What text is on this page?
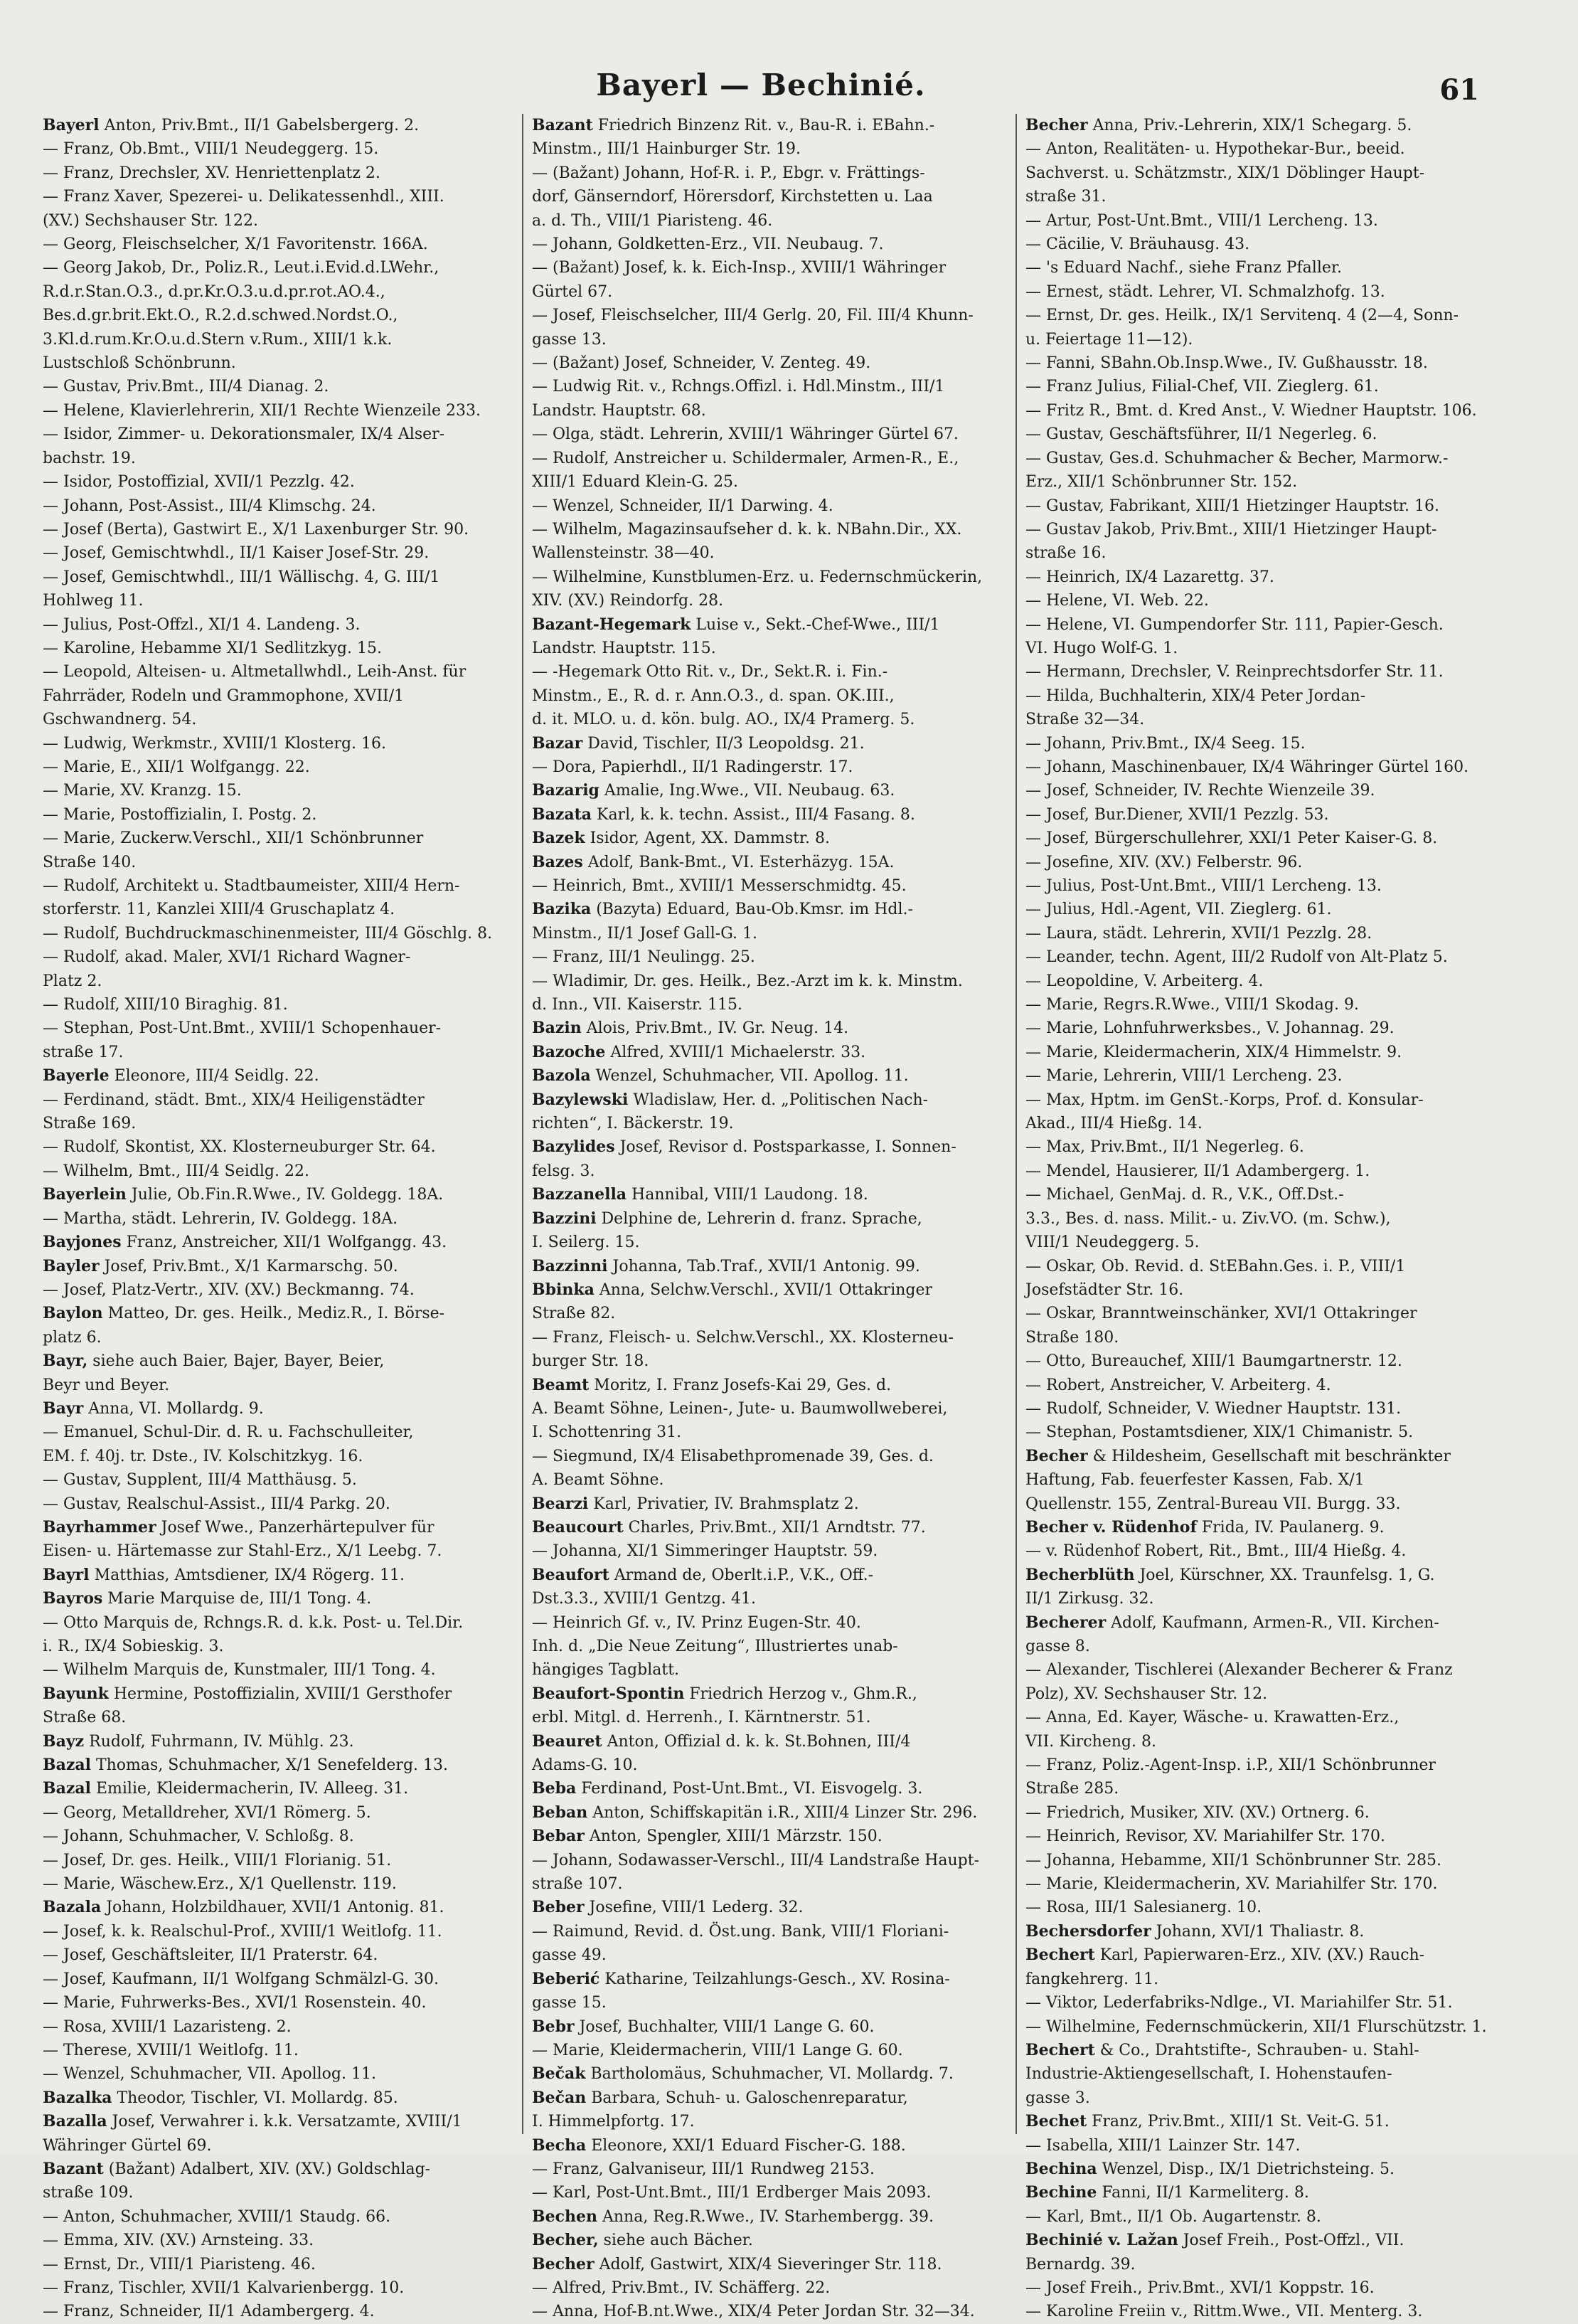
Bayerl — Bechinié.	61
Bayerl Anton, Priv.Bmt., II/1 Gabelsbergerg. 2.
— Franz, Ob.Bmt., VIII/1 Neudeggerg. 15.
— Franz, Drechsler, XV. Henriettenplatz 2.
— Franz Xaver, Spezerei- u. Delikatessenhdl., XIII.
(XV.) Sechshauser Str. 122.
— Georg, Fleischselcher, X/1 Favoritenstr. 166A.
— Georg Jakob, Dr., Poliz.R., Leut.i.Evid.d.LWehr.,
R.d.r.Stan.O.3., d.pr.Kr.O.3.u.d.pr.rot.AO.4.,
Bes.d.gr.brit.Ekt.O., R.2.d.schwed.Nordst.O.,
3.Kl.d.rum.Kr.O.u.d.Stern v.Rum., XIII/1 k.k.
Lustschloß Schönbrunn.
— Gustav, Priv.Bmt., III/4 Dianag. 2.
— Helene, Klavierlehrerin, XII/1 Rechte Wienzeile 233.
— Isidor, Zimmer- u. Dekorationsmaler, IX/4 Alser-
bachstr. 19.
— Isidor, Postoffizial, XVII/1 Pezzlg. 42.
— Johann, Post-Assist., III/4 Klimschg. 24.
— Josef (Berta), Gastwirt E., X/1 Laxenburger Str. 90.
— Josef, Gemischtwhdl., II/1 Kaiser Josef-Str. 29.
— Josef, Gemischtwhdl., III/1 Wällischg. 4, G. III/1
Hohlweg 11.
— Julius, Post-Offzl., XI/1 4. Landeng. 3.
— Karoline, Hebamme XI/1 Sedlitzkyg. 15.
— Leopold, Alteisen- u. Altmetallwhdl., Leih-Anst. für
Fahrräder, Rodeln und Grammophone, XVII/1
Gschwandnerg. 54.
— Ludwig, Werkmstr., XVIII/1 Klosterg. 16.
— Marie, E., XII/1 Wolfgangg. 22.
— Marie, XV. Kranzg. 15.
— Marie, Postoffizialin, I. Postg. 2.
— Marie, Zuckerw.Verschl., XII/1 Schönbrunner
Straße 140.
— Rudolf, Architekt u. Stadtbaumeister, XIII/4 Hern-
storferstr. 11, Kanzlei XIII/4 Gruschaplatz 4.
— Rudolf, Buchdruckmaschinenmeister, III/4 Göschlg. 8.
— Rudolf, akad. Maler, XVI/1 Richard Wagner-
Platz 2.
— Rudolf, XIII/10 Biraghig. 81.
— Stephan, Post-Unt.Bmt., XVIII/1 Schopenhauer-
straße 17.
Bayerle Eleonore, III/4 Seidlg. 22.
— Ferdinand, städt. Bmt., XIX/4 Heiligenstädter
Straße 169.
— Rudolf, Skontist, XX. Klosterneuburger Str. 64.
— Wilhelm, Bmt., III/4 Seidlg. 22.
Bayerlein Julie, Ob.Fin.R.Wwe., IV. Goldegg. 18A.
— Martha, städt. Lehrerin, IV. Goldegg. 18A.
Bayjones Franz, Anstreicher, XII/1 Wolfgangg. 43.
Bayler Josef, Priv.Bmt., X/1 Karmarschg. 50.
— Josef, Platz-Vertr., XIV. (XV.) Beckmanng. 74.
Baylon Matteo, Dr. ges. Heilk., Mediz.R., I. Börse-
platz 6.
Bayr, siehe auch Baier, Bajer, Bayer, Beier,
Beyr und Beyer.
Bayr Anna, VI. Mollardg. 9.
— Emanuel, Schul-Dir. d. R. u. Fachschulleiter,
EM. f. 40j. tr. Dste., IV. Kolschitzkyg. 16.
— Gustav, Supplent, III/4 Matthäusg. 5.
— Gustav, Realschul-Assist., III/4 Parkg. 20.
Bayrhammer Josef Wwe., Panzerhärtepulver für
Eisen- u. Härtemasse zur Stahl-Erz., X/1 Leebg. 7.
Bayrl Matthias, Amtsdiener, IX/4 Rögerg. 11.
Bayros Marie Marquise de, III/1 Tong. 4.
— Otto Marquis de, Rchngs.R. d. k.k. Post- u. Tel.Dir.
i. R., IX/4 Sobieskig. 3.
— Wilhelm Marquis de, Kunstmaler, III/1 Tong. 4.
Bayunk Hermine, Postoffizialin, XVIII/1 Gersthofer
Straße 68.
Bayz Rudolf, Fuhrmann, IV. Mühlg. 23.
Bazal Thomas, Schuhmacher, X/1 Senefelderg. 13.
Bazal Emilie, Kleidermacherin, IV. Alleeg. 31.
— Georg, Metalldreher, XVI/1 Römerg. 5.
— Johann, Schuhmacher, V. Schloßg. 8.
— Josef, Dr. ges. Heilk., VIII/1 Florianig. 51.
— Marie, Wäschew.Erz., X/1 Quellenstr. 119.
Bazala Johann, Holzbildhauer, XVII/1 Antonig. 81.
— Josef, k. k. Realschul-Prof., XVIII/1 Weitlofg. 11.
— Josef, Geschäftsleiter, II/1 Praterstr. 64.
— Josef, Kaufmann, II/1 Wolfgang Schmälzl-G. 30.
— Marie, Fuhrwerks-Bes., XVI/1 Rosenstein. 40.
— Rosa, XVIII/1 Lazaristeng. 2.
— Therese, XVIII/1 Weitlofg. 11.
— Wenzel, Schuhmacher, VII. Apollog. 11.
Bazalka Theodor, Tischler, VI. Mollardg. 85.
Bazalla Josef, Verwahrer i. k.k. Versatzamte, XVIII/1
Währinger Gürtel 69.
Bazant (Bažant) Adalbert, XIV. (XV.) Goldschlag-
straße 109.
— Anton, Schuhmacher, XVIII/1 Staudg. 66.
— Emma, XIV. (XV.) Arnsteing. 33.
— Ernst, Dr., VIII/1 Piaristeng. 46.
— Franz, Tischler, XVII/1 Kalvarienbergg. 10.
— Franz, Schneider, II/1 Adambergerg. 4.
Bazant Friedrich Binzenz Rit. v., Bau-R. i. EBahn.-
Minstm., III/1 Hainburger Str. 19.
— (Bažant) Johann, Hof-R. i. P., Ebgr. v. Frättings-
dorf, Gänserndorf, Hörersdorf, Kirchstetten u. Laa
a. d. Th., VIII/1 Piaristeng. 46.
— Johann, Goldketten-Erz., VII. Neubaug. 7.
— (Bažant) Josef, k. k. Eich-Insp., XVIII/1 Währinger
Gürtel 67.
— Josef, Fleischselcher, III/4 Gerlg. 20, Fil. III/4 Khunn-
gasse 13.
— (Bažant) Josef, Schneider, V. Zenteg. 49.
— Ludwig Rit. v., Rchngs.Offizl. i. Hdl.Minstm., III/1
Landstr. Hauptstr. 68.
— Olga, städt. Lehrerin, XVIII/1 Währinger Gürtel 67.
— Rudolf, Anstreicher u. Schildermaler, Armen-R., E.,
XIII/1 Eduard Klein-G. 25.
— Wenzel, Schneider, II/1 Darwing. 4.
— Wilhelm, Magazinsaufseher d. k. k. NBahn.Dir., XX.
Wallensteinstr. 38—40.
— Wilhelmine, Kunstblumen-Erz. u. Federnschmückerin,
XIV. (XV.) Reindorfg. 28.
Bazant-Hegemark Luise v., Sekt.-Chef-Wwe., III/1
Landstr. Hauptstr. 115.
— -Hegemark Otto Rit. v., Dr., Sekt.R. i. Fin.-
Minstm., E., R. d. r. Ann.O.3., d. span. OK.III.,
d. it. MLO. u. d. kön. bulg. AO., IX/4 Pramerg. 5.
Bazar David, Tischler, II/3 Leopoldsg. 21.
— Dora, Papierhdl., II/1 Radingerstr. 17.
Bazarig Amalie, Ing.Wwe., VII. Neubaug. 63.
Bazata Karl, k. k. techn. Assist., III/4 Fasang. 8.
Bazek Isidor, Agent, XX. Dammstr. 8.
Bazes Adolf, Bank-Bmt., VI. Esterhäzyg. 15A.
— Heinrich, Bmt., XVIII/1 Messerschmidtg. 45.
Bazika (Bazyta) Eduard, Bau-Ob.Kmsr. im Hdl.-
Minstm., II/1 Josef Gall-G. 1.
— Franz, III/1 Neulingg. 25.
— Wladimir, Dr. ges. Heilk., Bez.-Arzt im k. k. Minstm.
d. Inn., VII. Kaiserstr. 115.
Bazin Alois, Priv.Bmt., IV. Gr. Neug. 14.
Bazoche Alfred, XVIII/1 Michaelerstr. 33.
Bazola Wenzel, Schuhmacher, VII. Apollog. 11.
Bazylewski Wladislaw, Her. d. „Politischen Nach-
richten“, I. Bäckerstr. 19.
Bazylides Josef, Revisor d. Postsparkasse, I. Sonnen-
felsg. 3.
Bazzanella Hannibal, VIII/1 Laudong. 18.
Bazzini Delphine de, Lehrerin d. franz. Sprache,
I. Seilerg. 15.
Bazzinni Johanna, Tab.Traf., XVII/1 Antonig. 99.
Bbinka Anna, Selchw.Verschl., XVII/1 Ottakringer
Straße 82.
— Franz, Fleisch- u. Selchw.Verschl., XX. Klosterneu-
burger Str. 18.
Beamt Moritz, I. Franz Josefs-Kai 29, Ges. d.
A. Beamt Söhne, Leinen-, Jute- u. Baumwollweberei,
I. Schottenring 31.
— Siegmund, IX/4 Elisabethpromenade 39, Ges. d.
A. Beamt Söhne.
Bearzi Karl, Privatier, IV. Brahmsplatz 2.
Beaucourt Charles, Priv.Bmt., XII/1 Arndtstr. 77.
— Johanna, XI/1 Simmeringer Hauptstr. 59.
Beaufort Armand de, Oberlt.i.P., V.K., Off.-
Dst.3.3., XVIII/1 Gentzg. 41.
— Heinrich Gf. v., IV. Prinz Eugen-Str. 40.
Inh. d. „Die Neue Zeitung“, Illustriertes unab-
hängiges Tagblatt.
Beaufort-Spontin Friedrich Herzog v., Ghm.R.,
erbl. Mitgl. d. Herrenh., I. Kärntnerstr. 51.
Beauret Anton, Offizial d. k. k. St.Bohnen, III/4
Adams-G. 10.
Beba Ferdinand, Post-Unt.Bmt., VI. Eisvogelg. 3.
Beban Anton, Schiffskapitän i.R., XIII/4 Linzer Str. 296.
Bebar Anton, Spengler, XIII/1 Märzstr. 150.
— Johann, Sodawasser-Verschl., III/4 Landstraße Haupt-
straße 107.
Beber Josefine, VIII/1 Lederg. 32.
— Raimund, Revid. d. Öst.ung. Bank, VIII/1 Floriani-
gasse 49.
Beberić Katharine, Teilzahlungs-Gesch., XV. Rosina-
gasse 15.
Bebr Josef, Buchhalter, VIII/1 Lange G. 60.
— Marie, Kleidermacherin, VIII/1 Lange G. 60.
Bečak Bartholomäus, Schuhmacher, VI. Mollardg. 7.
Bečan Barbara, Schuh- u. Galoschenreparatur,
I. Himmelpfortg. 17.
Becha Eleonore, XXI/1 Eduard Fischer-G. 188.
— Franz, Galvaniseur, III/1 Rundweg 2153.
— Karl, Post-Unt.Bmt., III/1 Erdberger Mais 2093.
Bechen Anna, Reg.R.Wwe., IV. Starhembergg. 39.
Becher, siehe auch Bächer.
Becher Adolf, Gastwirt, XIX/4 Sieveringer Str. 118.
— Alfred, Priv.Bmt., IV. Schäfferg. 22.
— Anna, Hof-B.nt.Wwe., XIX/4 Peter Jordan Str. 32—34.
Becher Anna, Priv.-Lehrerin, XIX/1 Schegarg. 5.
— Anton, Realitäten- u. Hypothekar-Bur., beeid.
Sachverst. u. Schätzmstr., XIX/1 Döblinger Haupt-
straße 31.
— Artur, Post-Unt.Bmt., VIII/1 Lercheng. 13.
— Cäcilie, V. Bräuhausg. 43.
— 's Eduard Nachf., siehe Franz Pfaller.
— Ernest, städt. Lehrer, VI. Schmalzhofg. 13.
— Ernst, Dr. ges. Heilk., IX/1 Servitenq. 4 (2—4, Sonn-
u. Feiertage 11—12).
— Fanni, SBahn.Ob.Insp.Wwe., IV. Gußhausstr. 18.
— Franz Julius, Filial-Chef, VII. Zieglerg. 61.
— Fritz R., Bmt. d. Kred Anst., V. Wiedner Hauptstr. 106.
— Gustav, Geschäftsführer, II/1 Negerleg. 6.
— Gustav, Ges.d. Schuhmacher & Becher, Marmorw.-
Erz., XII/1 Schönbrunner Str. 152.
— Gustav, Fabrikant, XIII/1 Hietzinger Hauptstr. 16.
— Gustav Jakob, Priv.Bmt., XIII/1 Hietzinger Haupt-
straße 16.
— Heinrich, IX/4 Lazarettg. 37.
— Helene, VI. Web. 22.
— Helene, VI. Gumpendorfer Str. 111, Papier-Gesch.
VI. Hugo Wolf-G. 1.
— Hermann, Drechsler, V. Reinprechtsdorfer Str. 11.
— Hilda, Buchhalterin, XIX/4 Peter Jordan-
Straße 32—34.
— Johann, Priv.Bmt., IX/4 Seeg. 15.
— Johann, Maschinenbauer, IX/4 Währinger Gürtel 160.
— Josef, Schneider, IV. Rechte Wienzeile 39.
— Josef, Bur.Diener, XVII/1 Pezzlg. 53.
— Josef, Bürgerschullehrer, XXI/1 Peter Kaiser-G. 8.
— Josefine, XIV. (XV.) Felberstr. 96.
— Julius, Post-Unt.Bmt., VIII/1 Lercheng. 13.
— Julius, Hdl.-Agent, VII. Zieglerg. 61.
— Laura, städt. Lehrerin, XVII/1 Pezzlg. 28.
— Leander, techn. Agent, III/2 Rudolf von Alt-Platz 5.
— Leopoldine, V. Arbeiterg. 4.
— Marie, Regrs.R.Wwe., VIII/1 Skodag. 9.
— Marie, Lohnfuhrwerksbes., V. Johannag. 29.
— Marie, Kleidermacherin, XIX/4 Himmelstr. 9.
— Marie, Lehrerin, VIII/1 Lercheng. 23.
— Max, Hptm. im GenSt.-Korps, Prof. d. Konsular-
Akad., III/4 Hießg. 14.
— Max, Priv.Bmt., II/1 Negerleg. 6.
— Mendel, Hausierer, II/1 Adambergerg. 1.
— Michael, GenMaj. d. R., V.K., Off.Dst.-
3.3., Bes. d. nass. Milit.- u. Ziv.VO. (m. Schw.),
VIII/1 Neudeggerg. 5.
— Oskar, Ob. Revid. d. StEBahn.Ges. i. P., VIII/1
Josefstädter Str. 16.
— Oskar, Branntweinschänker, XVI/1 Ottakringer
Straße 180.
— Otto, Bureauchef, XIII/1 Baumgartnerstr. 12.
— Robert, Anstreicher, V. Arbeiterg. 4.
— Rudolf, Schneider, V. Wiedner Hauptstr. 131.
— Stephan, Postamtsdiener, XIX/1 Chimanistr. 5.
Becher & Hildesheim, Gesellschaft mit beschränkter
Haftung, Fab. feuerfester Kassen, Fab. X/1
Quellenstr. 155, Zentral-Bureau VII. Burgg. 33.
Becher v. Rüdenhof Frida, IV. Paulanerg. 9.
— v. Rüdenhof Robert, Rit., Bmt., III/4 Hießg. 4.
Becherblüth Joel, Kürschner, XX. Traunfelsg. 1, G.
II/1 Zirkusg. 32.
Becherer Adolf, Kaufmann, Armen-R., VII. Kirchen-
gasse 8.
— Alexander, Tischlerei (Alexander Becherer & Franz
Polz), XV. Sechshauser Str. 12.
— Anna, Ed. Kayer, Wäsche- u. Krawatten-Erz.,
VII. Kircheng. 8.
— Franz, Poliz.-Agent-Insp. i.P., XII/1 Schönbrunner
Straße 285.
— Friedrich, Musiker, XIV. (XV.) Ortnerg. 6.
— Heinrich, Revisor, XV. Mariahilfer Str. 170.
— Johanna, Hebamme, XII/1 Schönbrunner Str. 285.
— Marie, Kleidermacherin, XV. Mariahilfer Str. 170.
— Rosa, III/1 Salesianerg. 10.
Bechersdorfer Johann, XVI/1 Thaliastr. 8.
Bechert Karl, Papierwaren-Erz., XIV. (XV.) Rauch-
fangkehrerg. 11.
— Viktor, Lederfabriks-Ndlge., VI. Mariahilfer Str. 51.
— Wilhelmine, Federnschmückerin, XII/1 Flurschützstr. 1.
Bechert & Co., Drahtstifte-, Schrauben- u. Stahl-
Industrie-Aktiengesellschaft, I. Hohenstaufen-
gasse 3.
Bechet Franz, Priv.Bmt., XIII/1 St. Veit-G. 51.
— Isabella, XIII/1 Lainzer Str. 147.
Bechina Wenzel, Disp., IX/1 Dietrichsteing. 5.
Bechine Fanni, II/1 Karmeliterg. 8.
— Karl, Bmt., II/1 Ob. Augartenstr. 8.
Bechinié v. Lažan Josef Freih., Post-Offzl., VII.
Bernardg. 39.
— Josef Freih., Priv.Bmt., XVI/1 Koppstr. 16.
— Karoline Freiin v., Rittm.Wwe., VII. Menterg. 3.
